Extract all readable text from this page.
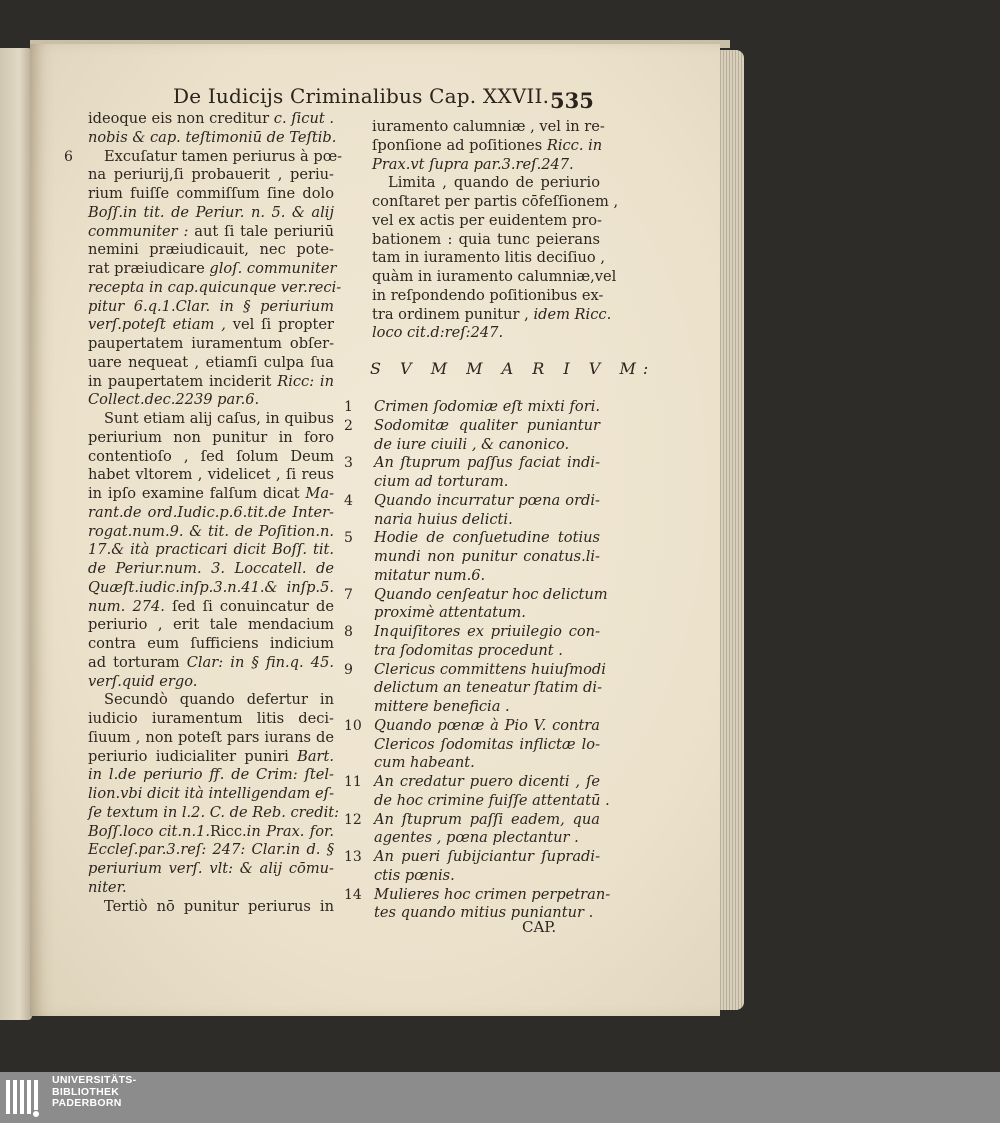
De Iudicijs Criminalibus Cap. XXVII. 535
ideoque eis non creditur c. ſicut .
nobis & cap. teſtimoniū de Teſtib.
6 Excuſatur tamen periurus à pœ-
na periurij,ſi probauerit , periu-
rium fuiſſe commiſſum ſine dolo
Boſſ.in tit. de Periur. n. 5. & alij
communiter : aut ſi tale periuriū
nemini præiudicauit, nec pote-
rat præiudicare gloſ. communiter
recepta in cap.quicunque ver.reci-
pitur 6.q.1.Clar. in § periurium
verſ.poteſt etiam , vel ſi propter
paupertatem iuramentum obſer-
uare nequeat , etiamſi culpa ſua
in paupertatem inciderit Ricc: in
Collect.dec.2239 par.6.
Sunt etiam alij caſus, in quibus
periurium non punitur in foro
contentioſo , ſed ſolum Deum
habet vltorem , videlicet , ſi reus
in ipſo examine falſum dicat Ma-
rant.de ord.Iudic.p.6.tit.de Inter-
rogat.num.9. & tit. de Poſition.n.
17.& ità practicari dicit Boſſ. tit.
de Periur.num. 3. Loccatell. de
Quæſt.iudic.inſp.3.n.41.& inſp.5.
num. 274. ſed ſi conuincatur de
periurio , erit tale mendacium
contra eum ſufficiens indicium
ad torturam Clar: in § fin.q. 45.
verſ.quid ergo.
Secundò quando defertur in
iudicio iuramentum litis deci-
ſiuum , non poteſt pars iurans de
periurio iudicialiter puniri Bart.
in l.de periurio ff. de Crim: ſtel-
lion.vbi dicit ità intelligendam eſ-
ſe textum in l.2. C. de Reb. credit:
Boſſ.loco cit.n.1.Ricc.in Prax. for.
Eccleſ.par.3.reſ: 247: Clar.in d. §
periurium verſ. vlt: & alij cōmu-
niter.
Tertiò nō punitur periurus in
iuramento calumniæ , vel in re-
ſponſione ad poſitiones Ricc. in
Prax.vt ſupra par.3.reſ.247.
Limita , quando de periurio
conſtaret per partis cōfeſſionem ,
vel ex actis per euidentem pro-
bationem : quia tunc peierans
tam in iuramento litis deciſiuo ,
quàm in iuramento calumniæ,vel
in reſpondendo poſitionibus ex-
tra ordinem punitur , idem Ricc.
loco cit.d:reſ:247.
S V M M A R I V M:
1 Crimen ſodomiæ eſt mixti fori.
2 Sodomitæ qualiter puniantur
de iure ciuili , & canonico.
3 An ſtuprum paſſus faciat indi-
cium ad torturam.
4 Quando incurratur pœna ordi-
naria huius delicti.
5 Hodie de conſuetudine totius
mundi non punitur conatus.li-
mitatur num.6.
7 Quando cenſeatur hoc delictum
proximè attentatum.
8 Inquiſitores ex priuilegio con-
tra ſodomitas procedunt .
9 Clericus committens huiuſmodi
delictum an teneatur ſtatim di-
mittere beneficia .
10 Quando pœnæ à Pio V. contra
Clericos ſodomitas inflictæ lo-
cum habeant.
11 An credatur puero dicenti , ſe
de hoc crimine fuiſſe attentatū .
12 An ſtuprum paſſi eadem, qua
agentes , pœna plectantur .
13 An pueri ſubijciantur ſupradi-
ctis pœnis.
14 Mulieres hoc crimen perpetran-
tes quando mitius puniantur .
CAP.
UNIVERSITÄTS-
BIBLIOTHEK
PADERBORN
